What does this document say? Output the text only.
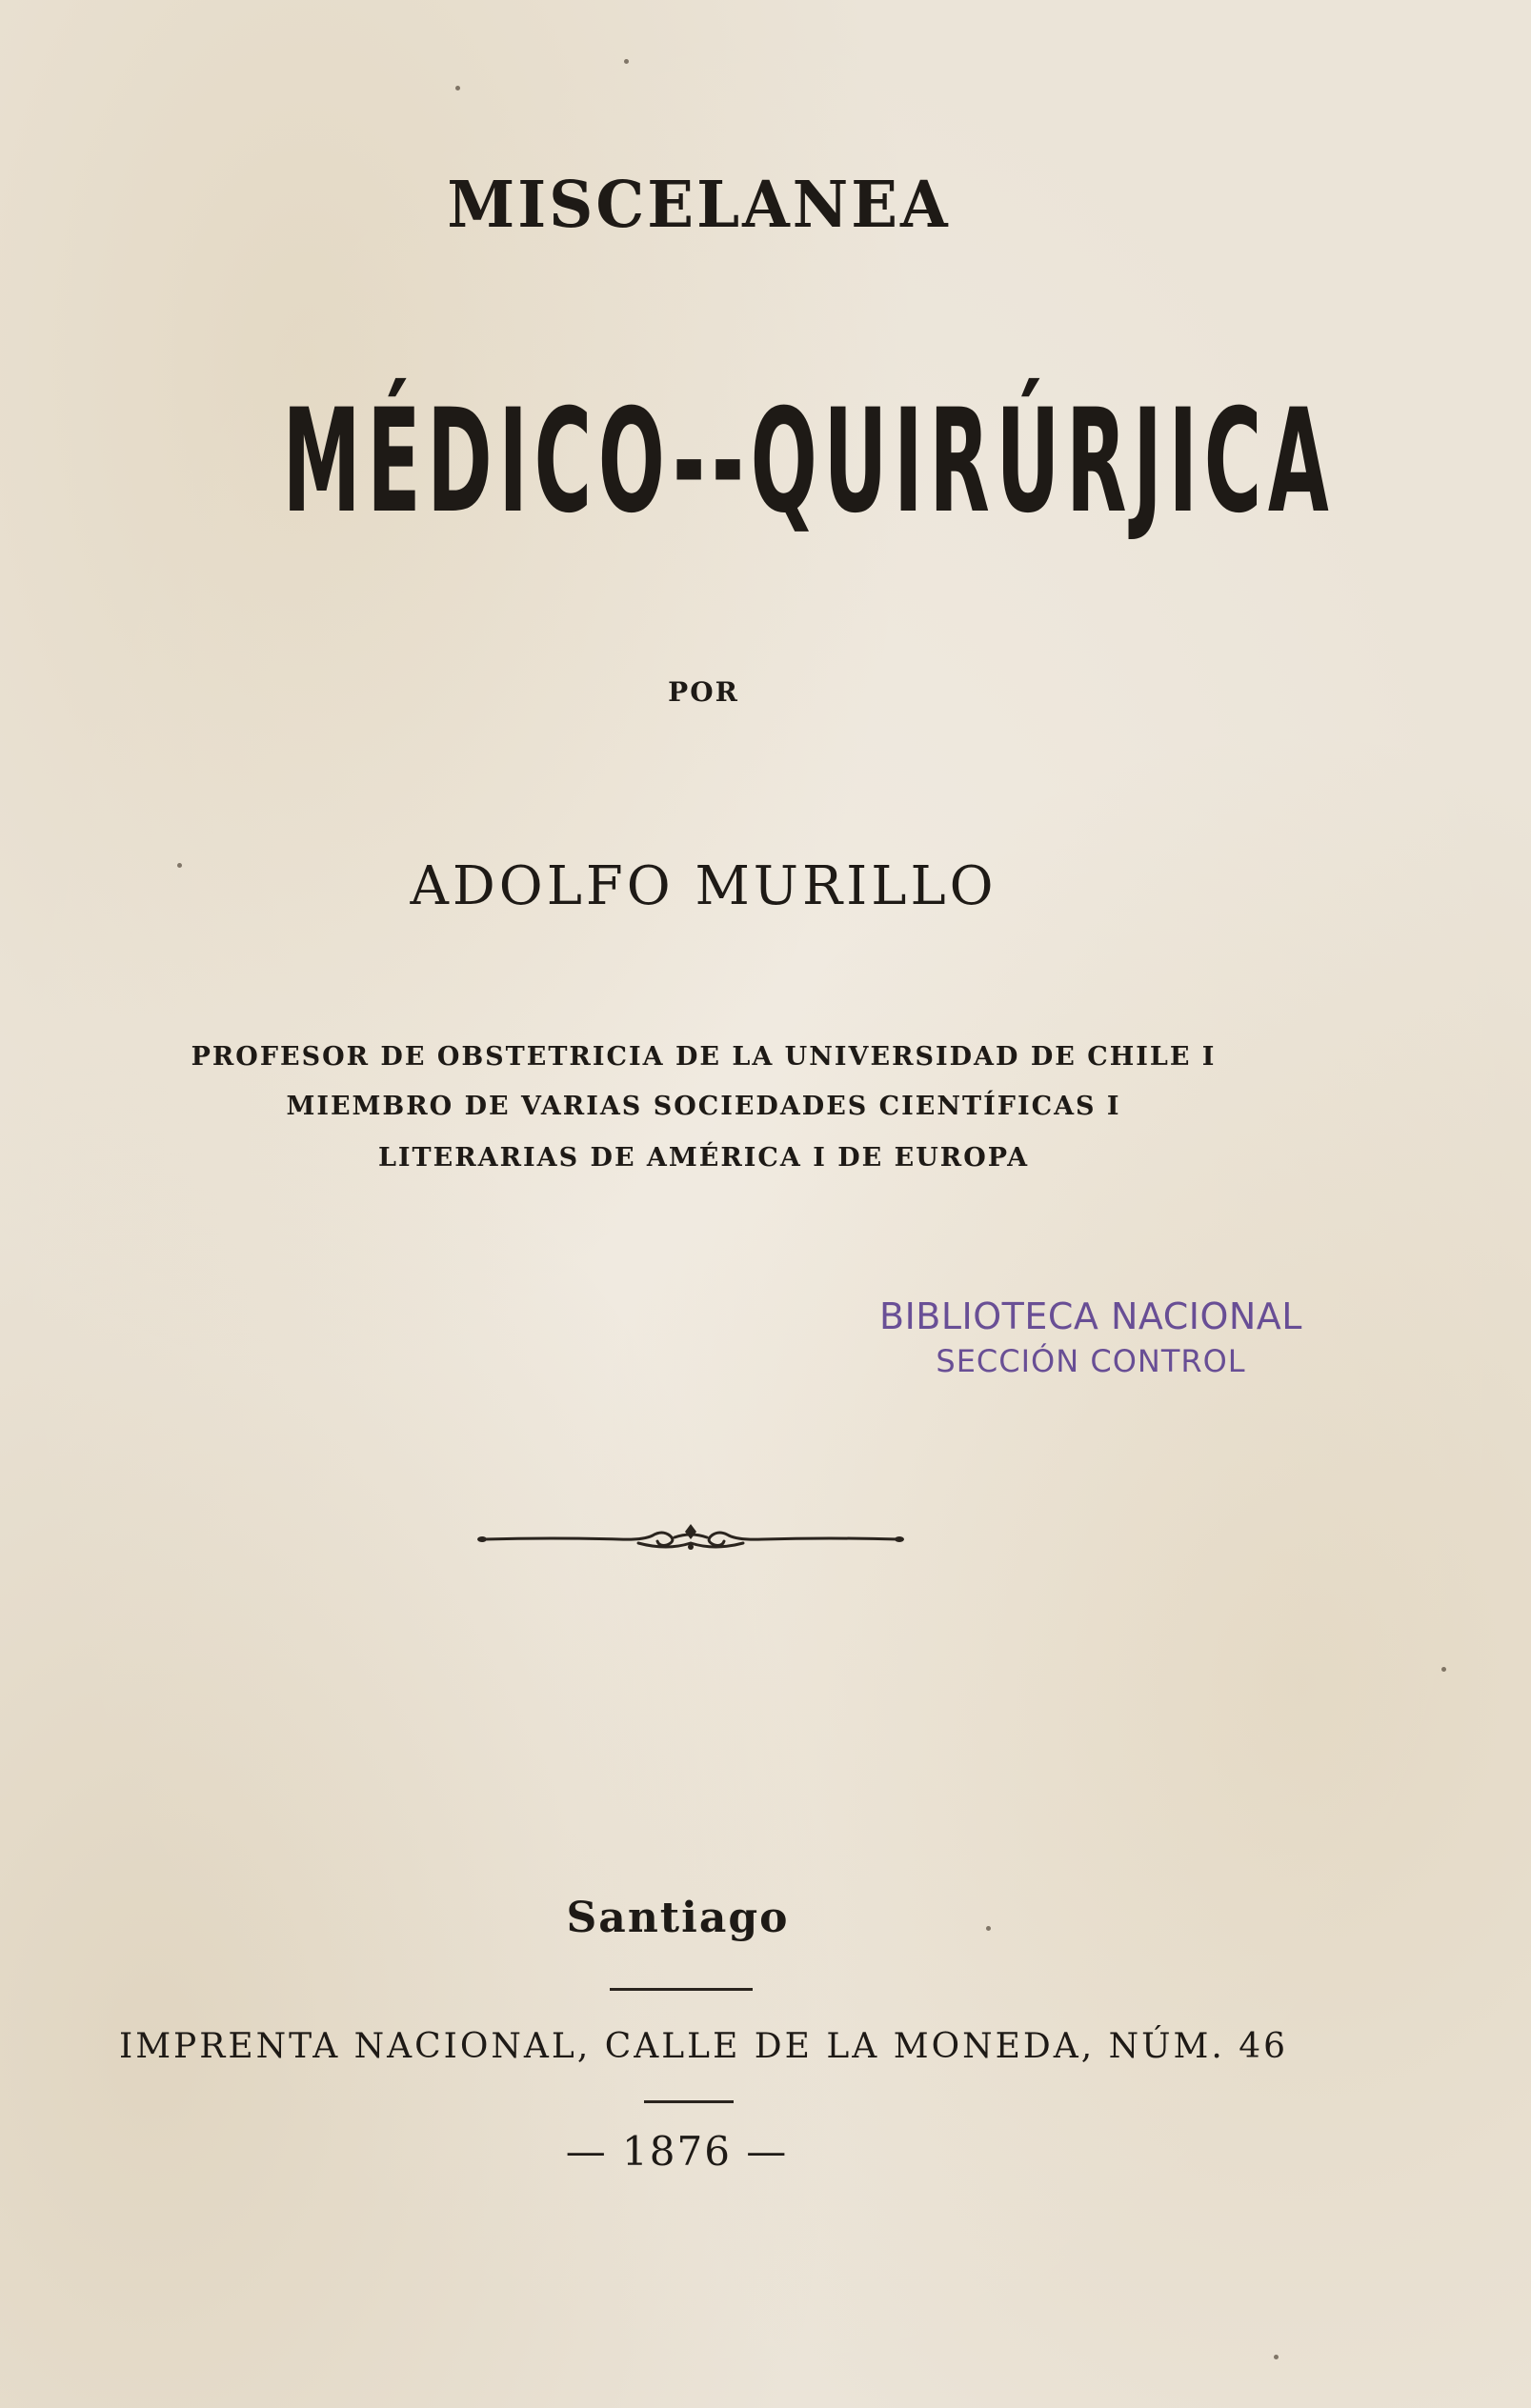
MISCELANEA
MÉDICO--QUIRÚRJICA
POR
ADOLFO MURILLO
PROFESOR DE OBSTETRICIA DE LA UNIVERSIDAD DE CHILE I
MIEMBRO DE VARIAS SOCIEDADES CIENTÍFICAS I
LITERARIAS DE AMÉRICA I DE EUROPA
BIBLIOTECA NACIONAL
SECCIÓN CONTROL
Santiago
IMPRENTA NACIONAL, CALLE DE LA MONEDA, NÚM. 46
— 1876 —
